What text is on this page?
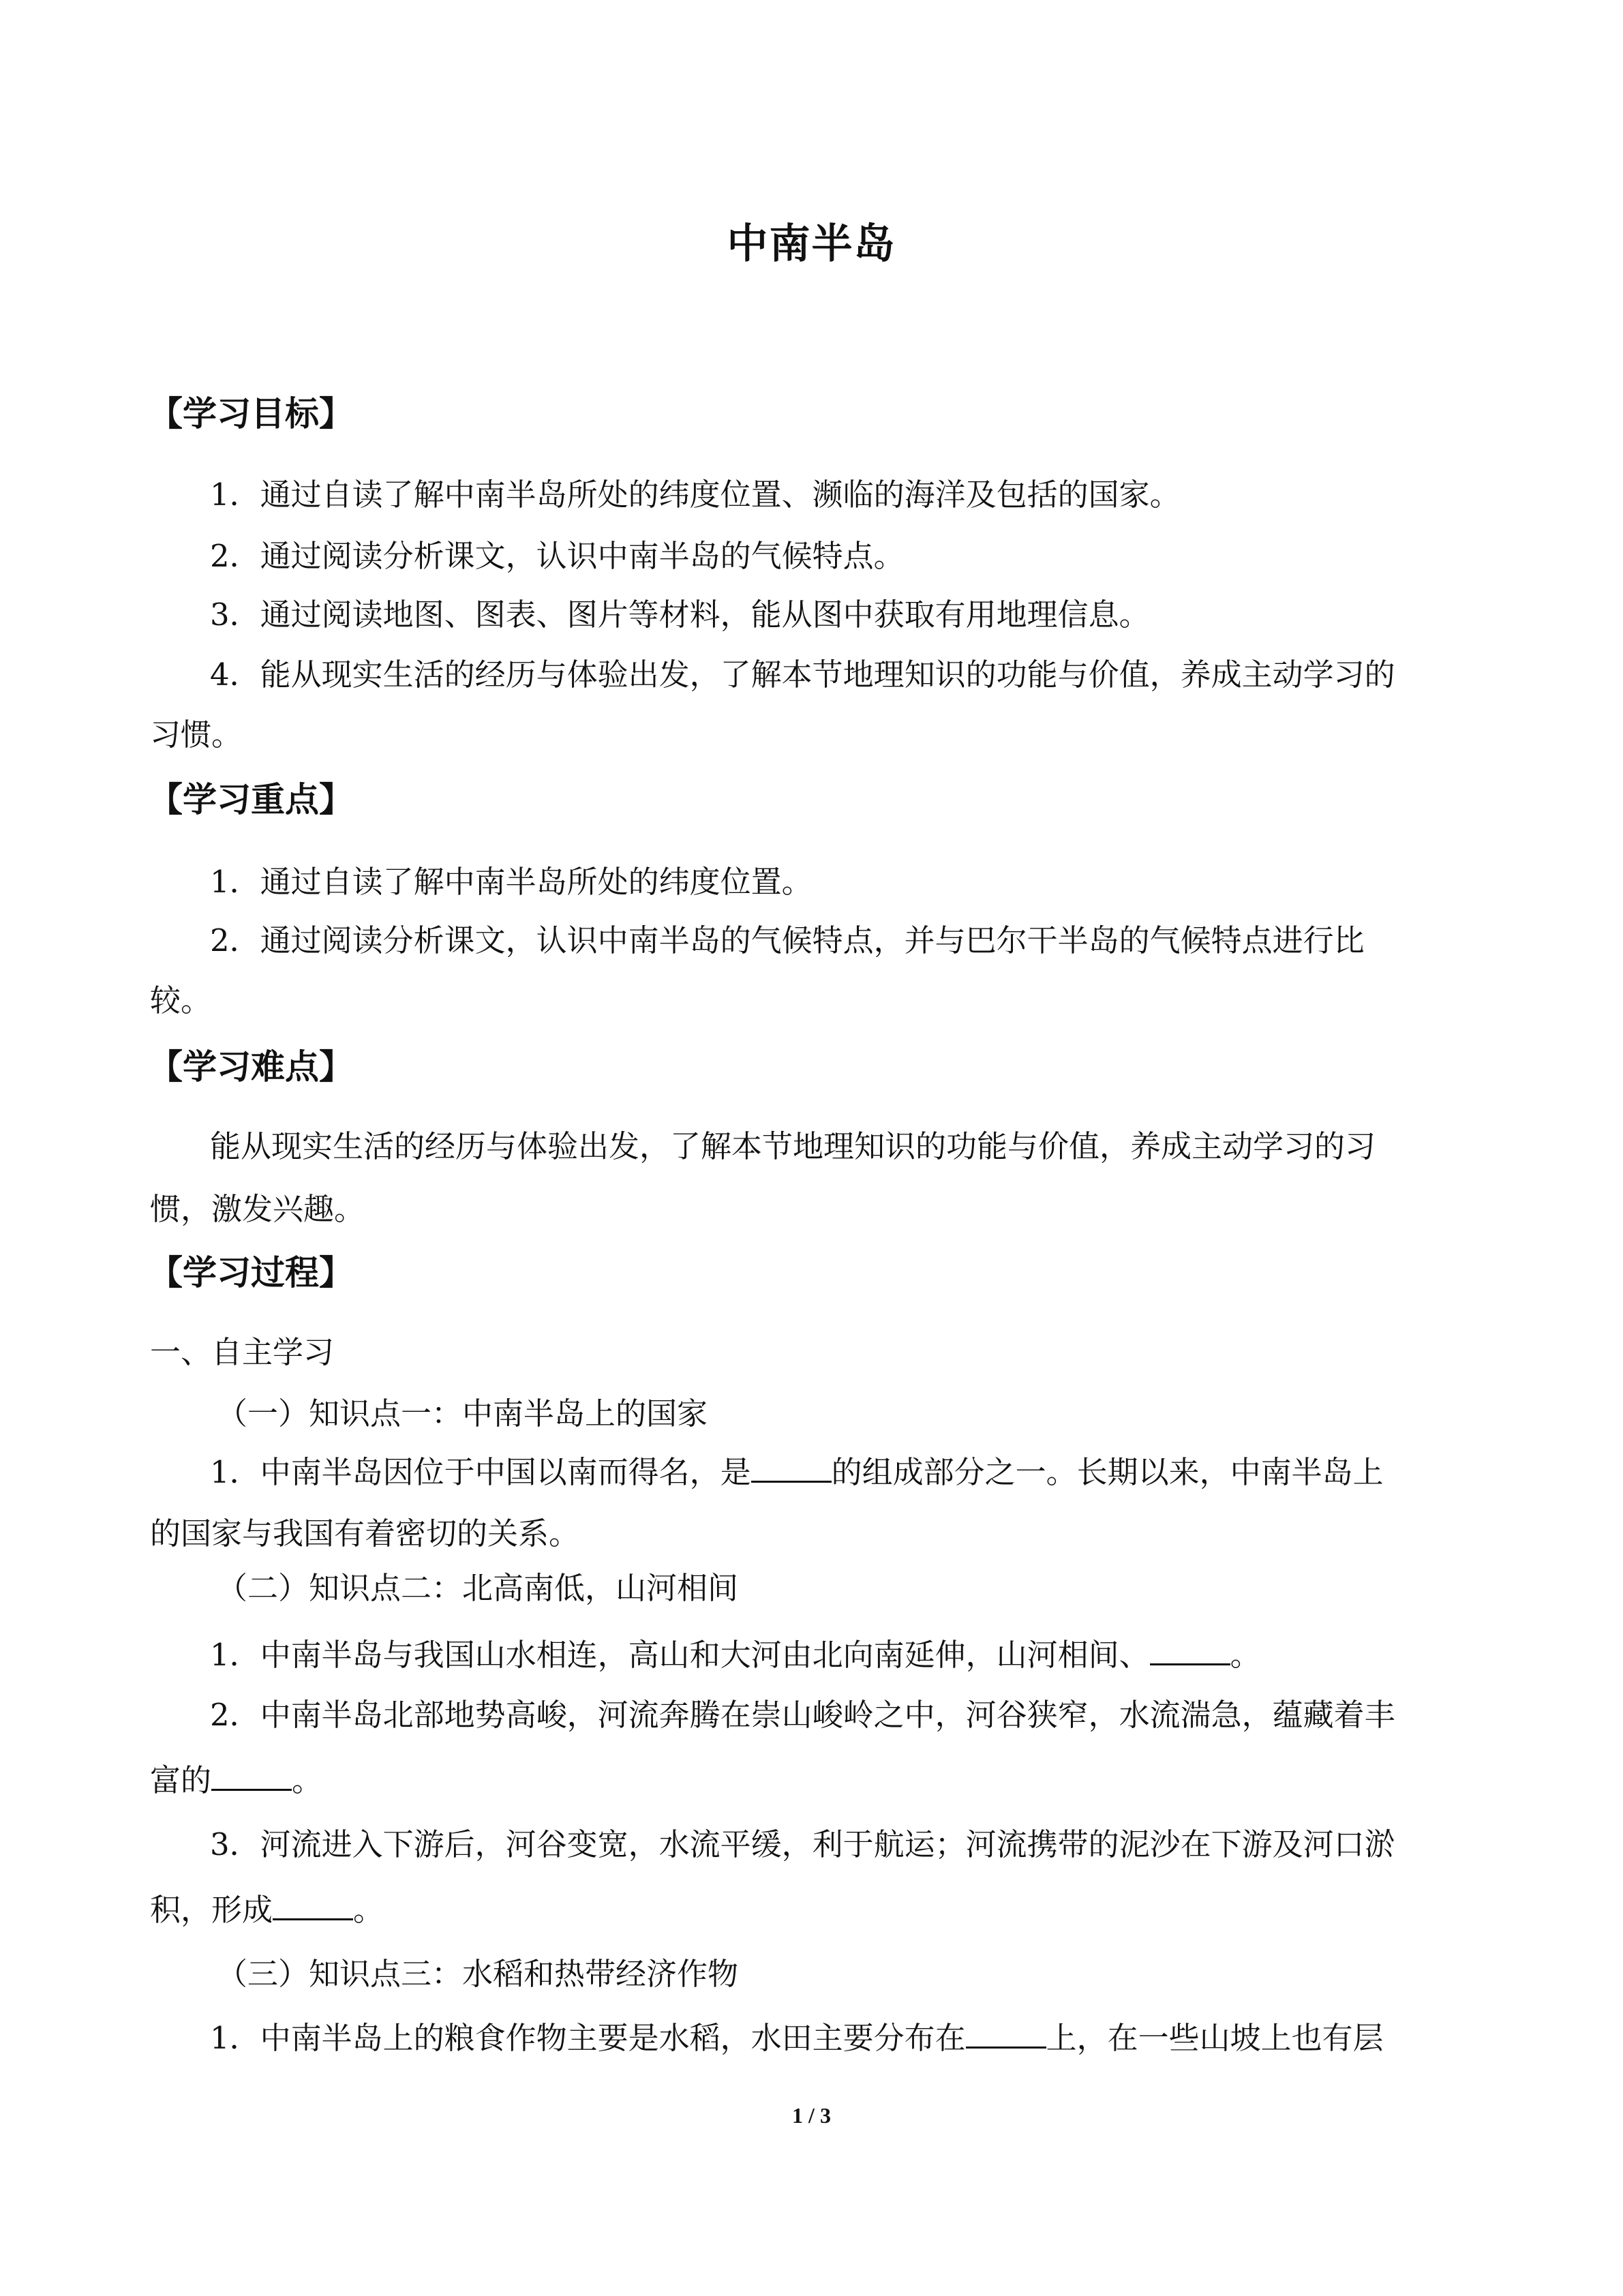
中南半岛
【学习目标】

1．通过自读了解中南半岛所处的纬度位置、濒临的海洋及包括的国家。

2．通过阅读分析课文，认识中南半岛的气候特点。

3．通过阅读地图、图表、图片等材料，能从图中获取有用地理信息。

4．能从现实生活的经历与体验出发，了解本节地理知识的功能与价值，养成主动学习的

习惯。

【学习重点】

1．通过自读了解中南半岛所处的纬度位置。

2．通过阅读分析课文，认识中南半岛的气候特点，并与巴尔干半岛的气候特点进行比

较。

【学习难点】

能从现实生活的经历与体验出发，了解本节地理知识的功能与价值，养成主动学习的习

惯，激发兴趣。

【学习过程】

一、自主学习

（一）知识点一：中南半岛上的国家

1．中南半岛因位于中国以南而得名，是	的组成部分之一。长期以来，中南半岛上

的国家与我国有着密切的关系。

（二）知识点二：北高南低，山河相间

1．中南半岛与我国山水相连，高山和大河由北向南延伸，山河相间、	。

2．中南半岛北部地势高峻，河流奔腾在崇山峻岭之中，河谷狭窄，水流湍急，蕴藏着丰

富的	。

3．河流进入下游后，河谷变宽，水流平缓，利于航运；河流携带的泥沙在下游及河口淤

积，形成	。

（三）知识点三：水稻和热带经济作物

1．中南半岛上的粮食作物主要是水稻，水田主要分布在	上，在一些山坡上也有层

1 / 3
